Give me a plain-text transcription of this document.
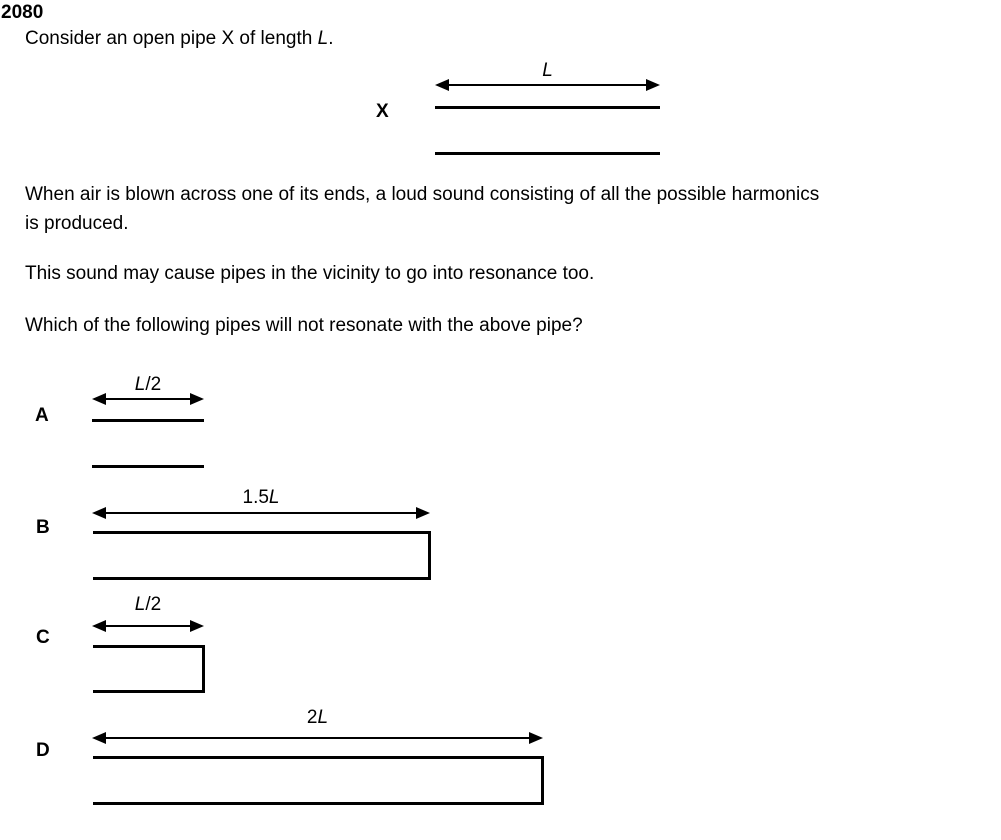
2080
Consider an open pipe X of length L.
L
X
When air is blown across one of its ends, a loud sound consisting of all the possible harmonics
is produced.
This sound may cause pipes in the vicinity to go into resonance too.
Which of the following pipes will not resonate with the above pipe?
L/2
A
1.5L
B
L/2
C
2L
D
